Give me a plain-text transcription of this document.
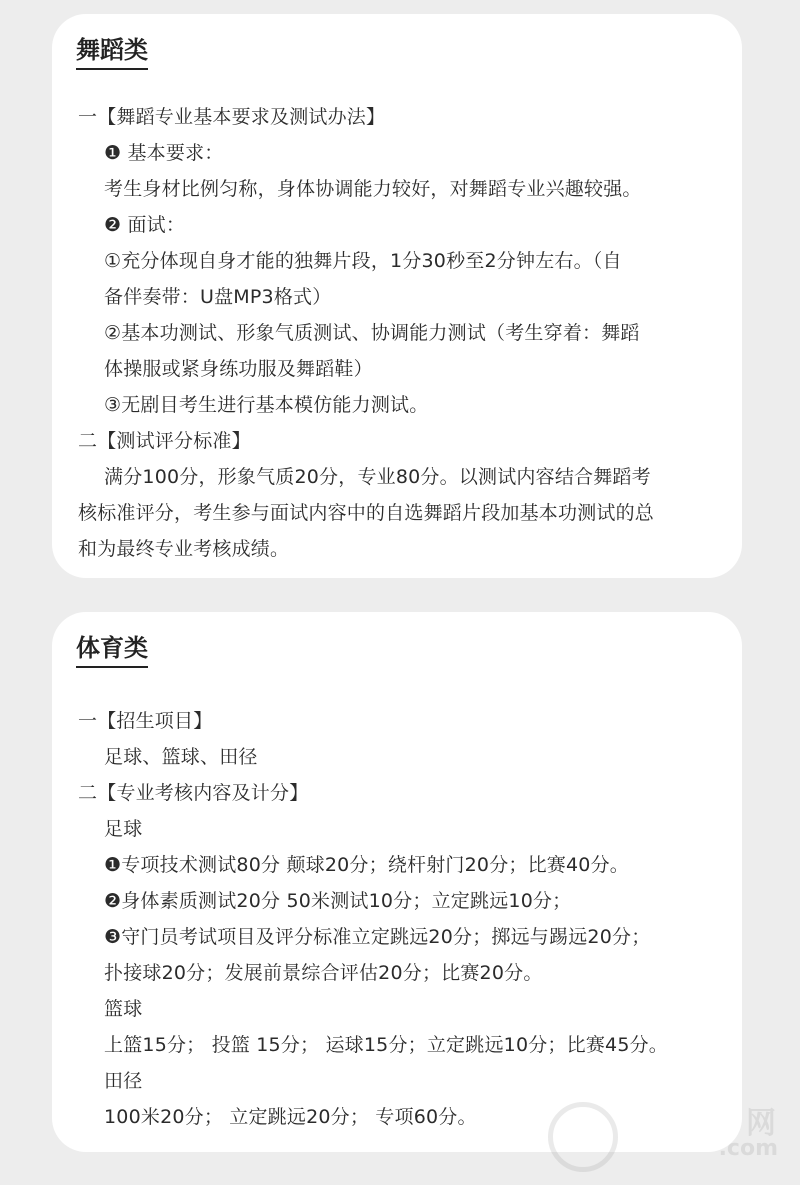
舞蹈类
一【舞蹈专业基本要求及测试办法】
❶ 基本要求：
考生身材比例匀称，身体协调能力较好，对舞蹈专业兴趣较强。
❷ 面试：
①充分体现自身才能的独舞片段，1分30秒至2分钟左右。（自
备伴奏带：U盘MP3格式）
②基本功测试、形象气质测试、协调能力测试（考生穿着：舞蹈
体操服或紧身练功服及舞蹈鞋）
③无剧目考生进行基本模仿能力测试。
二【测试评分标准】
满分100分，形象气质20分，专业80分。以测试内容结合舞蹈考
核标准评分，考生参与面试内容中的自选舞蹈片段加基本功测试的总
和为最终专业考核成绩。
体育类
一【招生项目】
足球、篮球、田径
二【专业考核内容及计分】
足球
❶专项技术测试80分 颠球20分；绕杆射门20分；比赛40分。
❷身体素质测试20分 50米测试10分；立定跳远10分；
❸守门员考试项目及评分标准立定跳远20分；掷远与踢远20分；
扑接球20分；发展前景综合评估20分；比赛20分。
篮球
上篮15分； 投篮 15分； 运球15分；立定跳远10分；比赛45分。
田径
100米20分； 立定跳远20分； 专项60分。	网
.com
